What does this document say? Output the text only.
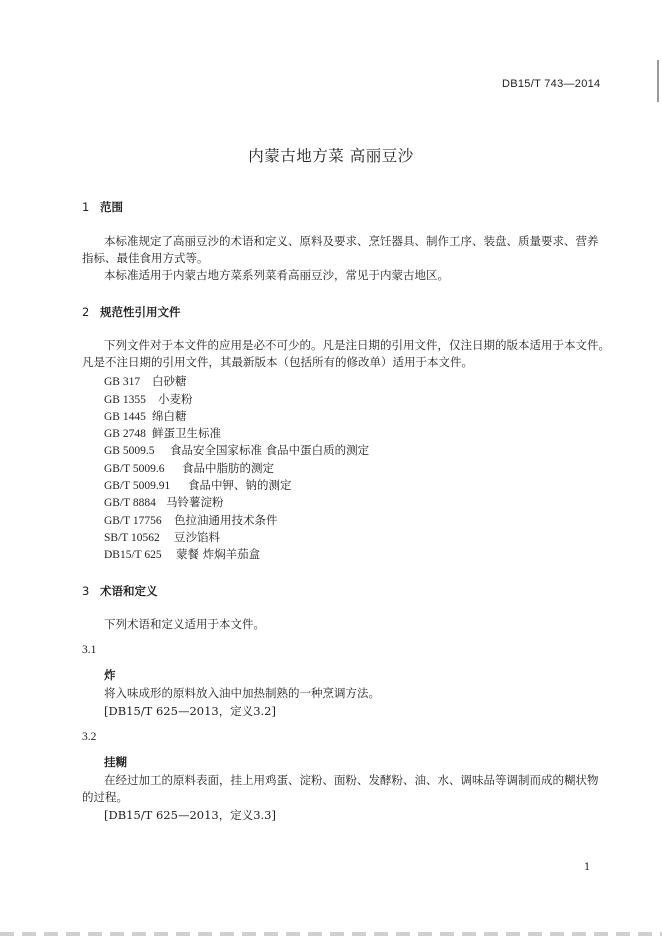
DB15/T 743—2014
内蒙古地方菜 高丽豆沙
1 范围
本标准规定了高丽豆沙的术语和定义、原料及要求、烹饪器具、制作工序、装盘、质量要求、营养
指标、最佳食用方式等。
本标准适用于内蒙古地方菜系列菜肴高丽豆沙，常见于内蒙古地区。
2 规范性引用文件
下列文件对于本文件的应用是必不可少的。凡是注日期的引用文件，仅注日期的版本适用于本文件。
凡是不注日期的引用文件，其最新版本（包括所有的修改单）适用于本文件。
GB 317 白砂糖
GB 1355 小麦粉
GB 1445 绵白糖
GB 2748 鲜蛋卫生标准
GB 5009.5 食品安全国家标准 食品中蛋白质的测定
GB/T 5009.6 食品中脂肪的测定
GB/T 5009.91 食品中钾、钠的测定
GB/T 8884 马铃薯淀粉
GB/T 17756 色拉油通用技术条件
SB/T 10562 豆沙馅料
DB15/T 625 蒙餐 炸焖羊茄盒
3 术语和定义
下列术语和定义适用于本文件。
3.1
炸
将入味成形的原料放入油中加热制熟的一种烹调方法。
[DB15/T 625—2013，定义3.2]
3.2
挂糊
在经过加工的原料表面，挂上用鸡蛋、淀粉、面粉、发酵粉、油、水、调味品等调制而成的糊状物
的过程。
[DB15/T 625—2013，定义3.3]
1
